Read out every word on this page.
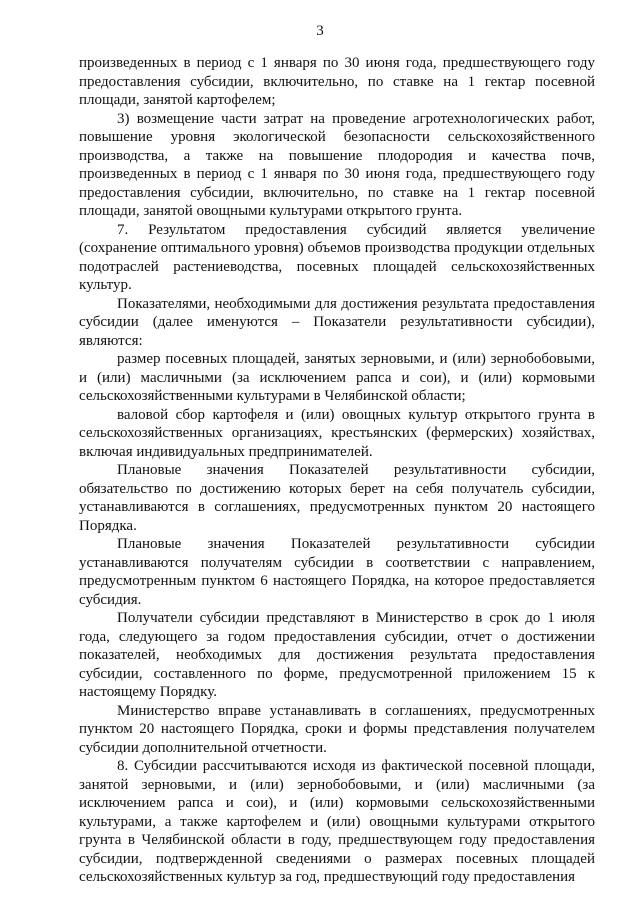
3

произведенных в период с 1 января по 30 июня года, предшествующего году предоставления субсидии, включительно, по ставке на 1 гектар посевной площади, занятой картофелем;

3) возмещение части затрат на проведение агротехнологических работ, повышение уровня экологической безопасности сельскохозяйственного производства, а также на повышение плодородия и качества почв, произведенных в период с 1 января по 30 июня года, предшествующего году предоставления субсидии, включительно, по ставке на 1 гектар посевной площади, занятой овощными культурами открытого грунта.

7. Результатом предоставления субсидий является увеличение (сохранение оптимального уровня) объемов производства продукции отдельных подотраслей растениеводства, посевных площадей сельскохозяйственных культур.

Показателями, необходимыми для достижения результата предоставления субсидии (далее именуются – Показатели результативности субсидии), являются:

размер посевных площадей, занятых зерновыми, и (или) зернобобовыми, и (или) масличными (за исключением рапса и сои), и (или) кормовыми сельскохозяйственными культурами в Челябинской области;

валовой сбор картофеля и (или) овощных культур открытого грунта в сельскохозяйственных организациях, крестьянских (фермерских) хозяйствах, включая индивидуальных предпринимателей.

Плановые значения Показателей результативности субсидии, обязательство по достижению которых берет на себя получатель субсидии, устанавливаются в соглашениях, предусмотренных пунктом 20 настоящего Порядка.

Плановые значения Показателей результативности субсидии устанавливаются получателям субсидии в соответствии с направлением, предусмотренным пунктом 6 настоящего Порядка, на которое предоставляется субсидия.

Получатели субсидии представляют в Министерство в срок до 1 июля года, следующего за годом предоставления субсидии, отчет о достижении показателей, необходимых для достижения результата предоставления субсидии, составленного по форме, предусмотренной приложением 15 к настоящему Порядку.

Министерство вправе устанавливать в соглашениях, предусмотренных пунктом 20 настоящего Порядка, сроки и формы представления получателем субсидии дополнительной отчетности.

8. Субсидии рассчитываются исходя из фактической посевной площади, занятой зерновыми, и (или) зернобобовыми, и (или) масличными (за исключением рапса и сои), и (или) кормовыми сельскохозяйственными культурами, а также картофелем и (или) овощными культурами открытого грунта в Челябинской области в году, предшествующем году предоставления субсидии, подтвержденной сведениями о размерах посевных площадей сельскохозяйственных культур за год, предшествующий году предоставления
